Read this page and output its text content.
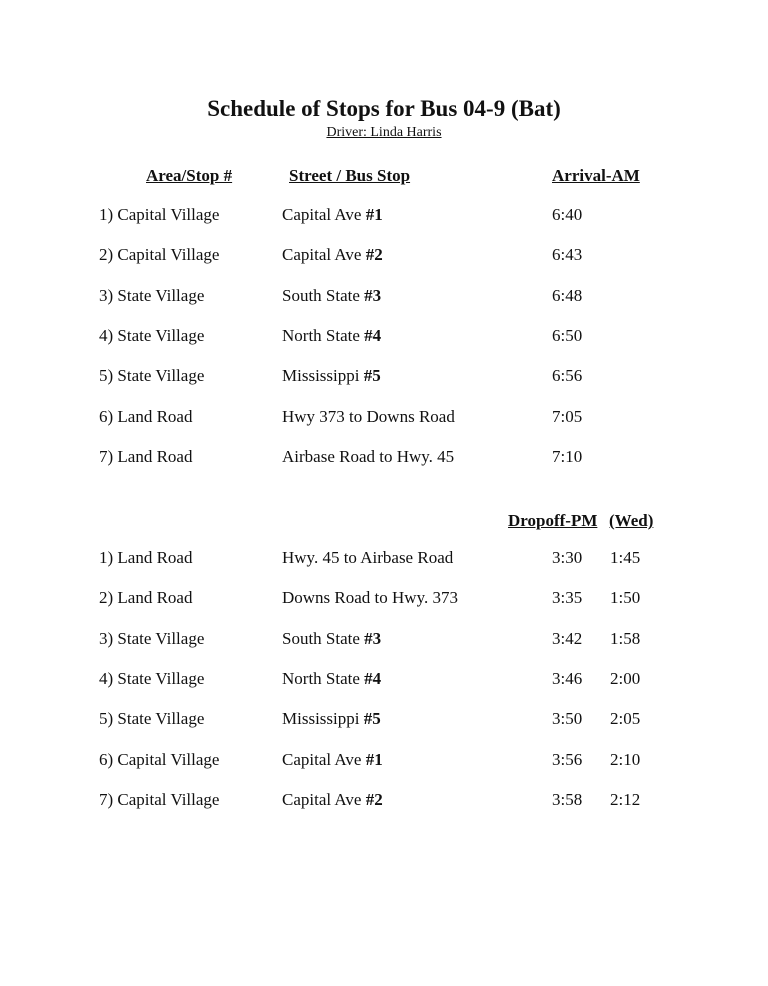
Schedule of Stops for Bus 04-9 (Bat)
Driver: Linda Harris
Area/Stop #	Street / Bus Stop	Arrival-AM
1) Capital Village	Capital Ave #1	6:40
2) Capital Village	Capital Ave #2	6:43
3) State Village	South State #3	6:48
4) State Village	North State #4	6:50
5) State Village	Mississippi #5	6:56
6) Land Road	Hwy 373 to Downs Road	7:05
7) Land Road	Airbase Road to Hwy. 45	7:10
Dropoff-PM (Wed)
1) Land Road	Hwy. 45 to Airbase Road	3:30 1:45
2) Land Road	Downs Road to Hwy. 373	3:35 1:50
3) State Village	South State #3	3:42 1:58
4) State Village	North State #4	3:46 2:00
5) State Village	Mississippi #5	3:50 2:05
6) Capital Village	Capital Ave #1	3:56 2:10
7) Capital Village	Capital Ave #2	3:58 2:12
